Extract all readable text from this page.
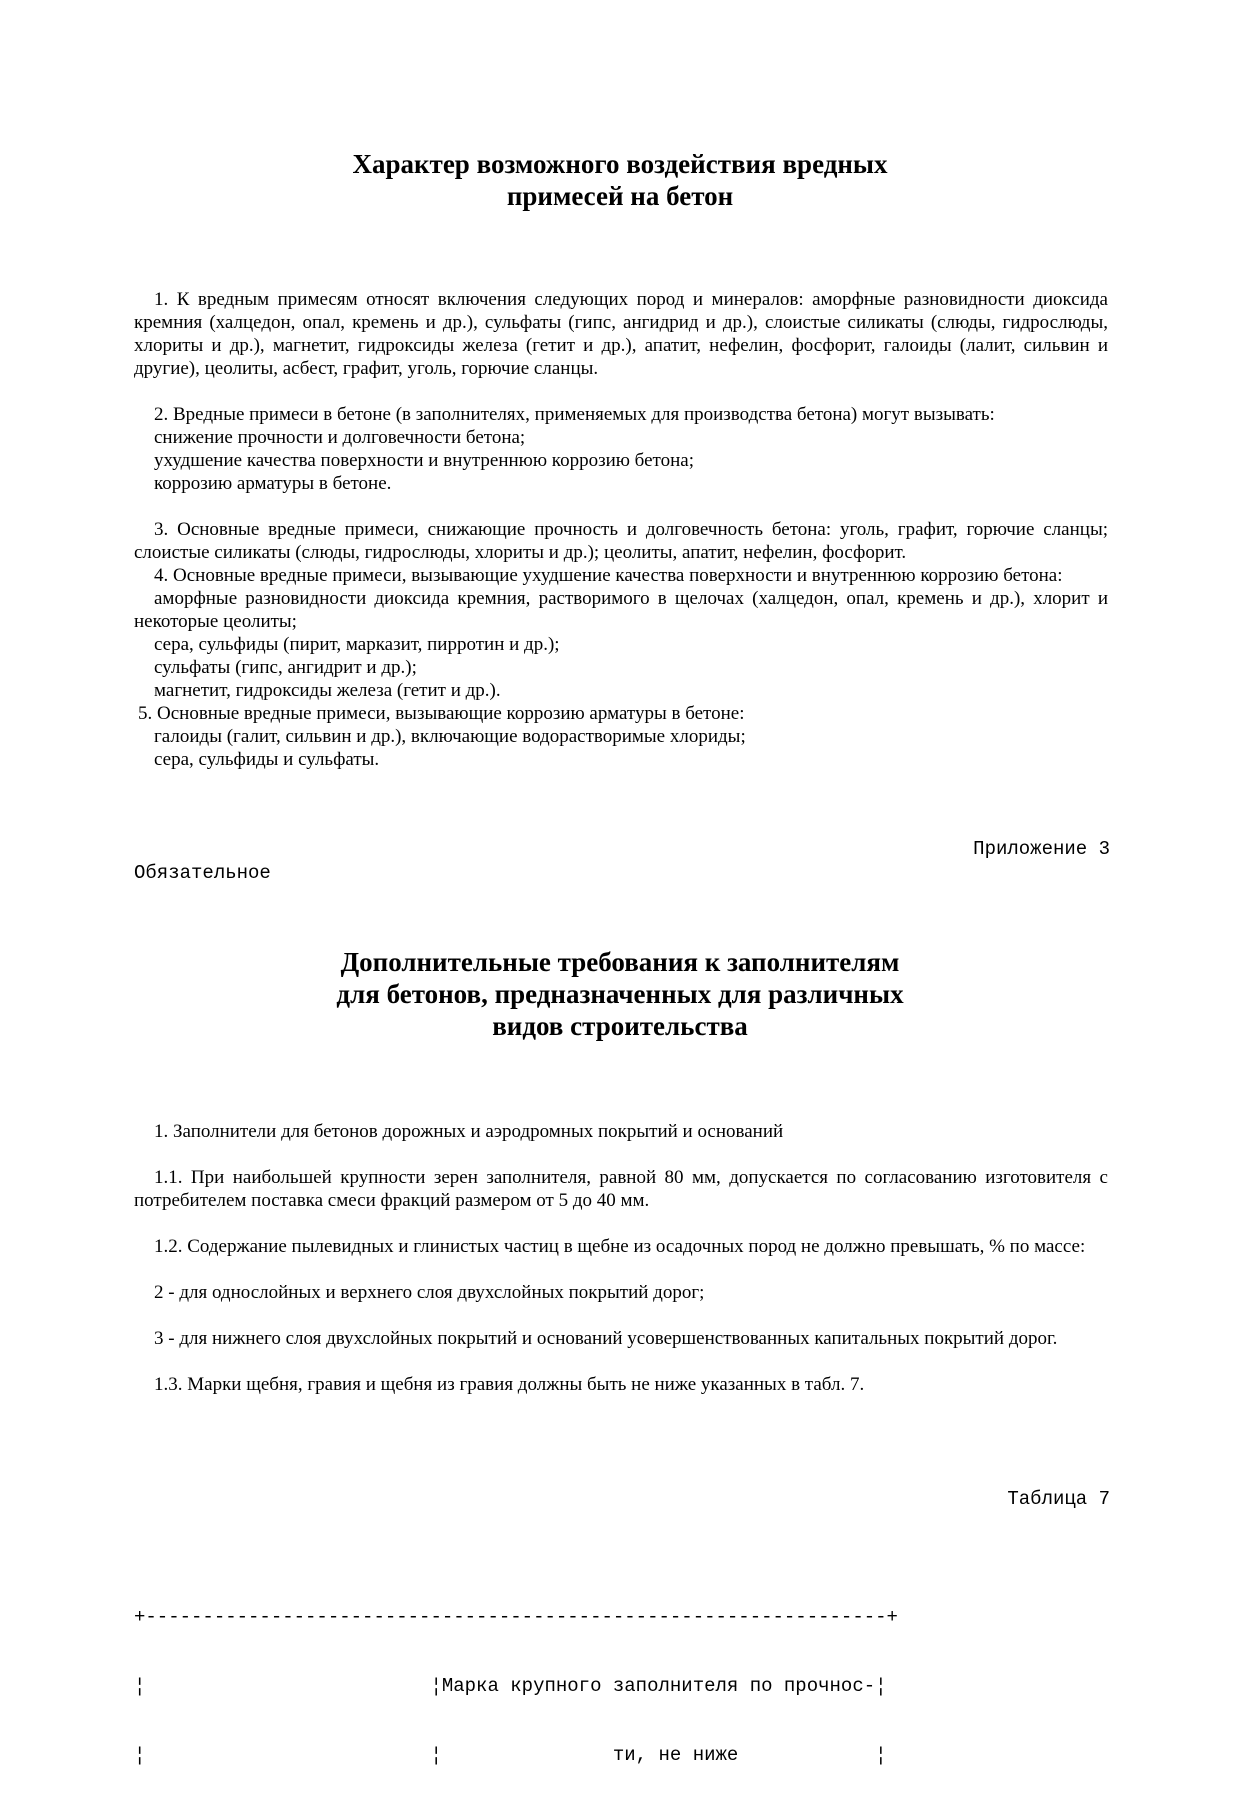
Характер возможного воздействия вредных
примесей на бетон

1. К вредным примесям относят включения следующих пород и минералов: аморфные разновидности диоксида кремния (халцедон, опал, кремень и др.), сульфаты (гипс, ангидрид и др.), слоистые силикаты (слюды, гидрослюды, хлориты и др.), магнетит, гидроксиды железа (гетит и др.), апатит, нефелин, фосфорит, галоиды (лалит, сильвин и другие), цеолиты, асбест, графит, уголь, горючие сланцы.

2. Вредные примеси в бетоне (в заполнителях, применяемых для производства бетона) могут вызывать:

снижение прочности и долговечности бетона;

ухудшение качества поверхности и внутреннюю коррозию бетона;

коррозию арматуры в бетоне.

3. Основные вредные примеси, снижающие прочность и долговечность бетона: уголь, графит, горючие сланцы; слоистые силикаты (слюды, гидрослюды, хлориты и др.); цеолиты, апатит, нефелин, фосфорит.

4. Основные вредные примеси, вызывающие ухудшение качества поверхности и внутреннюю коррозию бетона:

аморфные разновидности диоксида кремния, растворимого в щелочах (халцедон, опал, кремень и др.), хлорит и некоторые цеолиты;

сера, сульфиды (пирит, марказит, пирротин и др.);

сульфаты (гипс, ангидрит и др.);

магнетит, гидроксиды железа (гетит и др.).

5. Основные вредные примеси, вызывающие коррозию арматуры в бетоне:

галоиды (галит, сильвин и др.), включающие водорастворимые хлориды;

сера, сульфиды и сульфаты.

Приложение 3
Обязательное
Дополнительные требования к заполнителям
для бетонов, предназначенных для различных
видов строительства

1. Заполнители для бетонов дорожных и аэродромных покрытий и оснований

1.1. При наибольшей крупности зерен заполнителя, равной 80 мм, допускается по согласованию изготовителя с потребителем поставка смеси фракций размером от 5 до 40 мм.

1.2. Содержание пылевидных и глинистых частиц в щебне из осадочных пород не должно превышать, % по массе:

2 - для однослойных и верхнего слоя двухслойных покрытий дорог;

3 - для нижнего слоя двухслойных покрытий и оснований усовершенствованных капитальных покрытий дорог.

1.3. Марки щебня, гравия и щебня из гравия должны быть не ниже указанных в табл. 7.

Таблица 7

+-----------------------------------------------------------------+

¦                         ¦Марка крупного заполнителя по прочнос-¦

¦                         ¦               ти, не ниже            ¦
